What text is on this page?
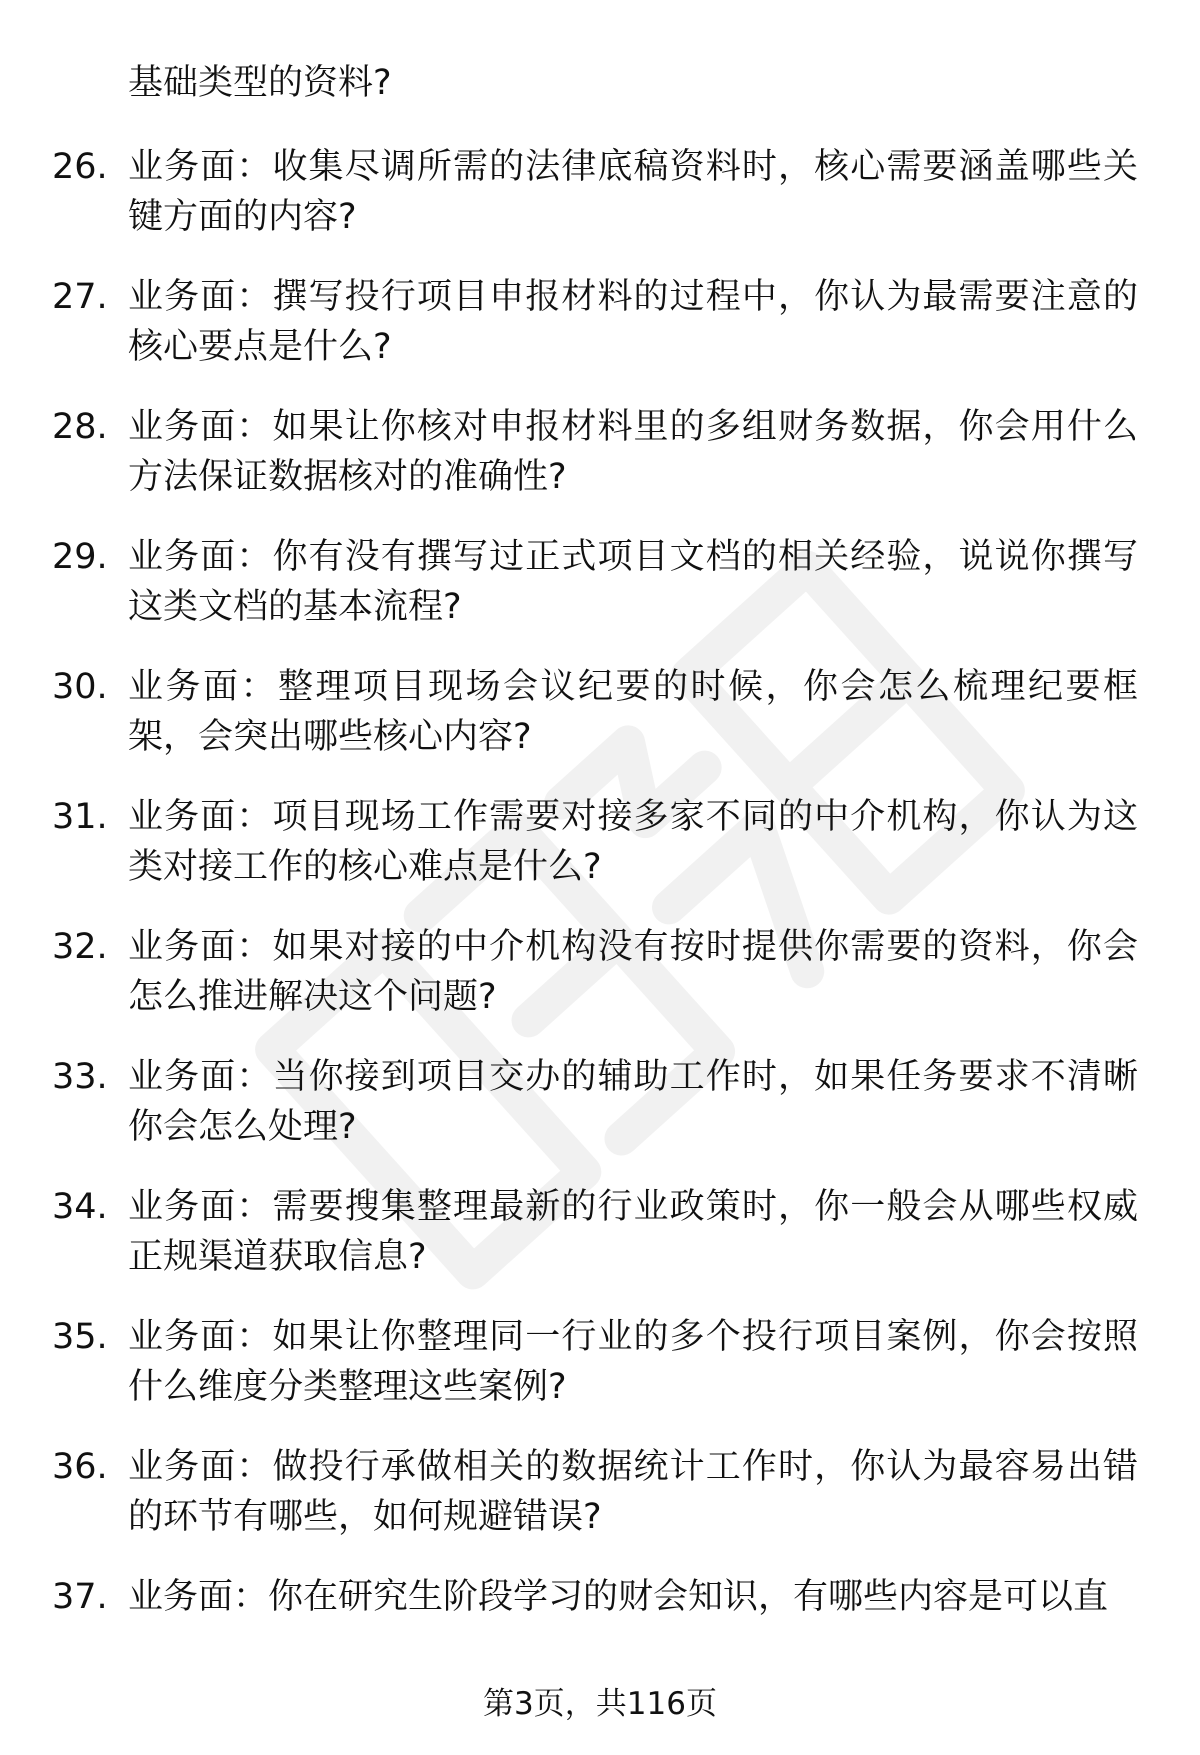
基础类型的资料?

26. 业务面：收集尽调所需的法律底稿资料时，核心需要涵盖哪些关键方面的内容?
27. 业务面：撰写投行项目申报材料的过程中，你认为最需要注意的核心要点是什么?
28. 业务面：如果让你核对申报材料里的多组财务数据，你会用什么方法保证数据核对的准确性?
29. 业务面：你有没有撰写过正式项目文档的相关经验，说说你撰写这类文档的基本流程?
30. 业务面：整理项目现场会议纪要的时候，你会怎么梳理纪要框架，会突出哪些核心内容?
31. 业务面：项目现场工作需要对接多家不同的中介机构，你认为这类对接工作的核心难点是什么?
32. 业务面：如果对接的中介机构没有按时提供你需要的资料，你会怎么推进解决这个问题?
33. 业务面：当你接到项目交办的辅助工作时，如果任务要求不清晰你会怎么处理?
34. 业务面：需要搜集整理最新的行业政策时，你一般会从哪些权威正规渠道获取信息?
35. 业务面：如果让你整理同一行业的多个投行项目案例，你会按照什么维度分类整理这些案例?
36. 业务面：做投行承做相关的数据统计工作时，你认为最容易出错的环节有哪些，如何规避错误?
37. 业务面：你在研究生阶段学习的财会知识，有哪些内容是可以直
第3页，共116页
